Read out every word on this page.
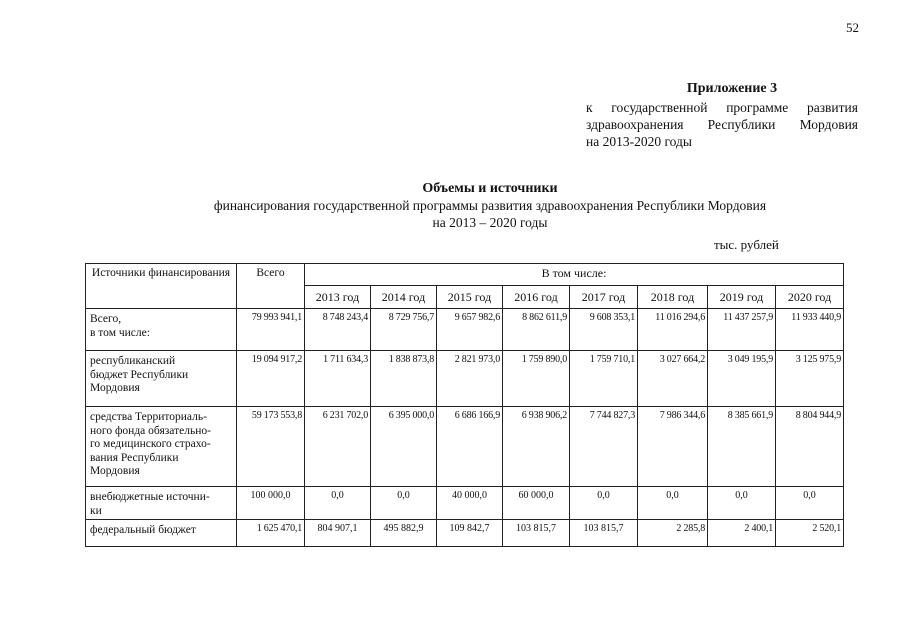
52
Приложение 3
к государственной программе развития
здравоохранения Республики Мордовия
на 2013-2020 годы
Объемы и источники
финансирования государственной программы развития здравоохранения Республики Мордовия
на 2013 – 2020 годы
тыс. рублей
Источники финансирования	Всего	В том числе:							
		2013 год	2014 год	2015 год	2016 год	2017 год	2018 год	2019 год	2020 год
Всего,
в том числе:	79 993 941,1	8 748 243,4	8 729 756,7	9 657 982,6	8 862 611,9	9 608 353,1	11 016 294,6	11 437 257,9	11 933 440,9
республиканский
бюджет Республики
Мордовия	19 094 917,2	1 711 634,3	1 838 873,8	2 821 973,0	1 759 890,0	1 759 710,1	3 027 664,2	3 049 195,9	3 125 975,9
средства Территориаль-
ного фонда обязательно-
го медицинского страхо-
вания Республики
Мордовия	59 173 553,8	6 231 702,0	6 395 000,0	6 686 166,9	6 938 906,2	7 744 827,3	7 986 344,6	8 385 661,9	8 804 944,9
внебюджетные источни-
ки	100 000,0	0,0	0,0	40 000,0	60 000,0	0,0	0,0	0,0	0,0
федеральный бюджет	1 625 470,1	804 907,1	495 882,9	109 842,7	103 815,7	103 815,7	2 285,8	2 400,1	2 520,1
